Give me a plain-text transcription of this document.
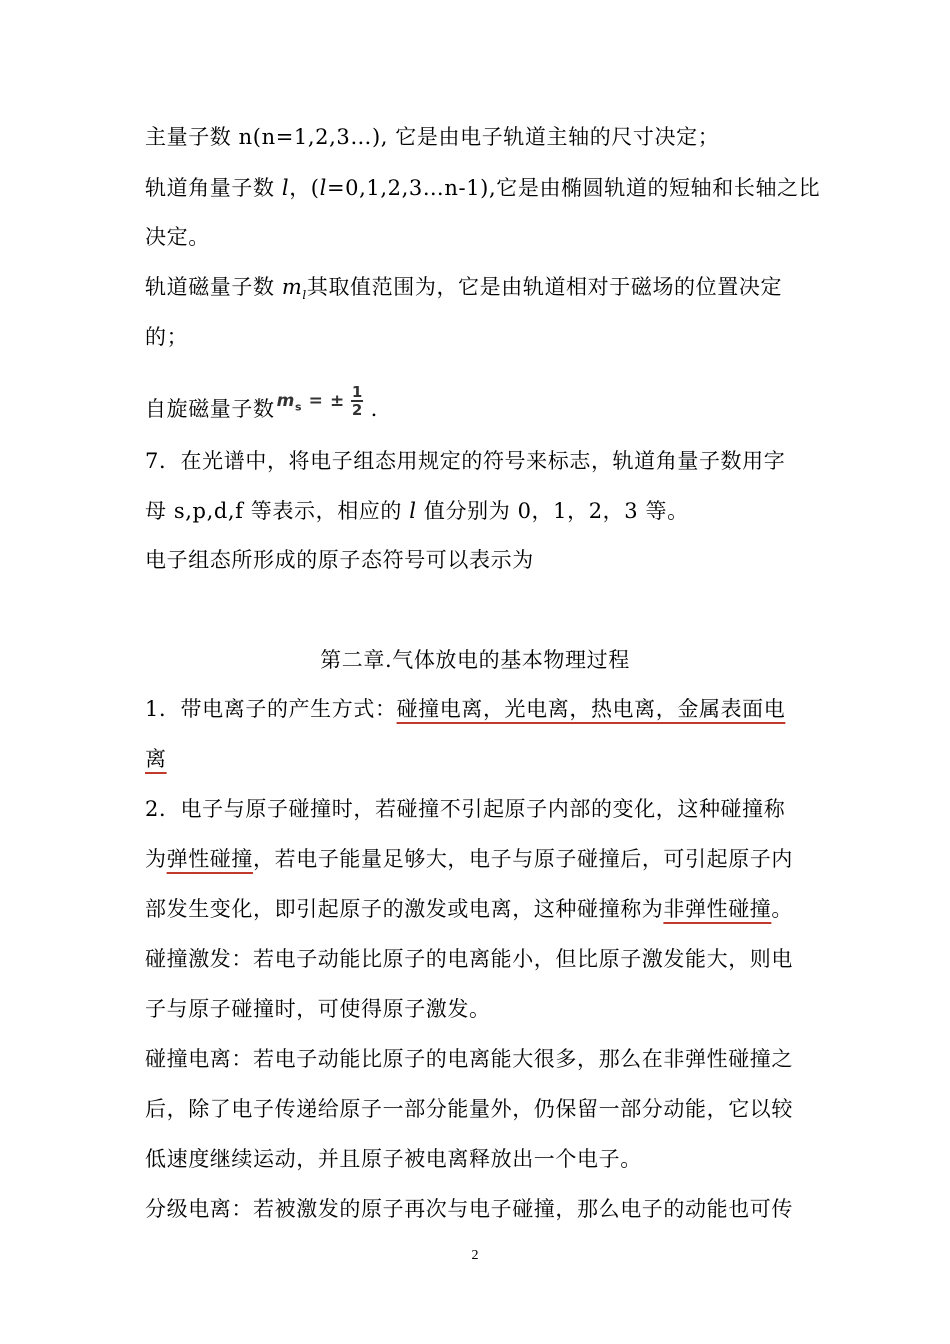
主量子数 n(n=1,2,3…), 它是由电子轨道主轴的尺寸决定；
轨道角量子数 l，(l=0,1,2,3…n-1),它是由椭圆轨道的短轴和长轴之比
决定。
轨道磁量子数 $m_l$其取值范围为，它是由轨道相对于磁场的位置决定
的；
自旋磁量子数 $m_s$ = ± $\frac{1}{2}$ .
7．在光谱中，将电子组态用规定的符号来标志，轨道角量子数用字
母 s,p,d,f 等表示，相应的 l 值分别为 0，1，2，3 等。
电子组态所形成的原子态符号可以表示为
第二章.气体放电的基本物理过程
1．带电离子的产生方式：碰撞电离，光电离，热电离，金属表面电
离
2．电子与原子碰撞时，若碰撞不引起原子内部的变化，这种碰撞称
为弹性碰撞，若电子能量足够大，电子与原子碰撞后，可引起原子内
部发生变化，即引起原子的激发或电离，这种碰撞称为非弹性碰撞。
碰撞激发：若电子动能比原子的电离能小，但比原子激发能大，则电
子与原子碰撞时，可使得原子激发。
碰撞电离：若电子动能比原子的电离能大很多，那么在非弹性碰撞之
后，除了电子传递给原子一部分能量外，仍保留一部分动能，它以较
低速度继续运动，并且原子被电离释放出一个电子。
分级电离：若被激发的原子再次与电子碰撞，那么电子的动能也可传
2
